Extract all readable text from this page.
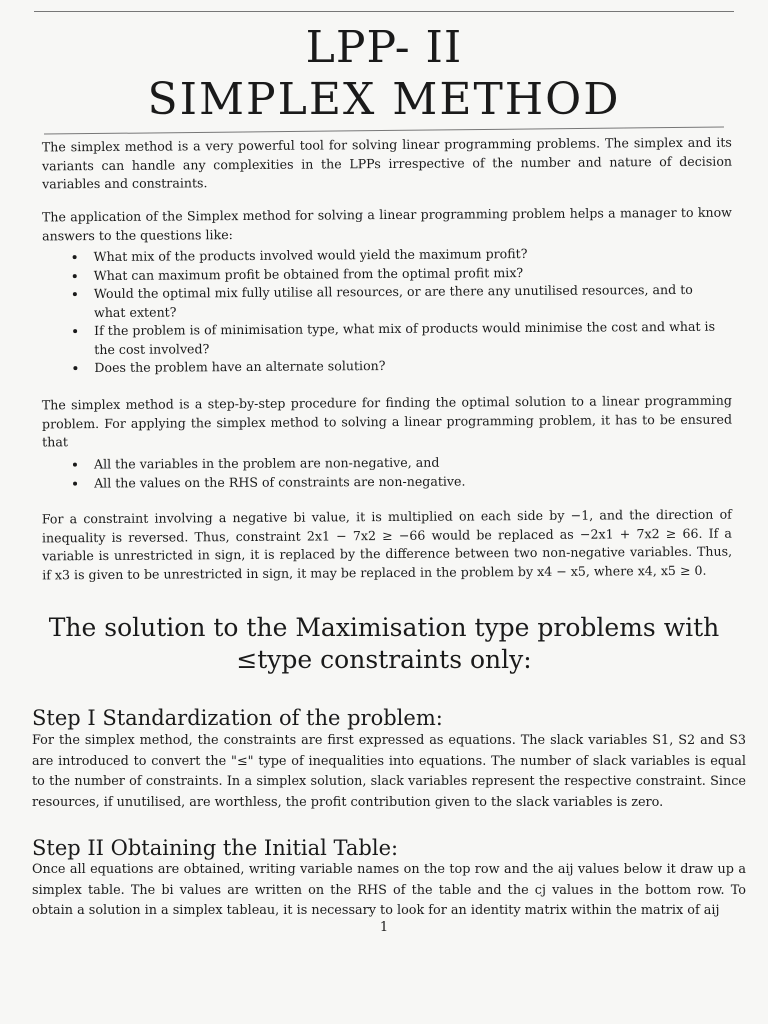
LPP- II
SIMPLEX METHOD
The simplex method is a very powerful tool for solving linear programming problems. The simplex and its variants can handle any complexities in the LPPs irrespective of the number and nature of decision variables and constraints.
The application of the Simplex method for solving a linear programming problem helps a manager to know answers to the questions like:
• What mix of the products involved would yield the maximum profit?
• What can maximum profit be obtained from the optimal profit mix?
• Would the optimal mix fully utilise all resources, or are there any unutilised resources, and to what extent?
• If the problem is of minimisation type, what mix of products would minimise the cost and what is the cost involved?
• Does the problem have an alternate solution?
The simplex method is a step-by-step procedure for finding the optimal solution to a linear programming problem. For applying the simplex method to solving a linear programming problem, it has to be ensured that
• All the variables in the problem are non-negative, and
• All the values on the RHS of constraints are non-negative.
For a constraint involving a negative bi value, it is multiplied on each side by −1, and the direction of inequality is reversed. Thus, constraint 2x1 − 7x2 ≥ −66 would be replaced as −2x1 + 7x2 ≥ 66. If a variable is unrestricted in sign, it is replaced by the difference between two non-negative variables. Thus, if x3 is given to be unrestricted in sign, it may be replaced in the problem by x4 − x5, where x4, x5 ≥ 0.
The solution to the Maximisation type problems with
≤type constraints only:
Step I Standardization of the problem:
For the simplex method, the constraints are first expressed as equations. The slack variables S1, S2 and S3 are introduced to convert the "≤" type of inequalities into equations. The number of slack variables is equal to the number of constraints. In a simplex solution, slack variables represent the respective constraint. Since resources, if unutilised, are worthless, the profit contribution given to the slack variables is zero.
Step II Obtaining the Initial Table:
Once all equations are obtained, writing variable names on the top row and the aij values below it draw up a simplex table. The bi values are written on the RHS of the table and the cj values in the bottom row. To obtain a solution in a simplex tableau, it is necessary to look for an identity matrix within the matrix of aij
1
